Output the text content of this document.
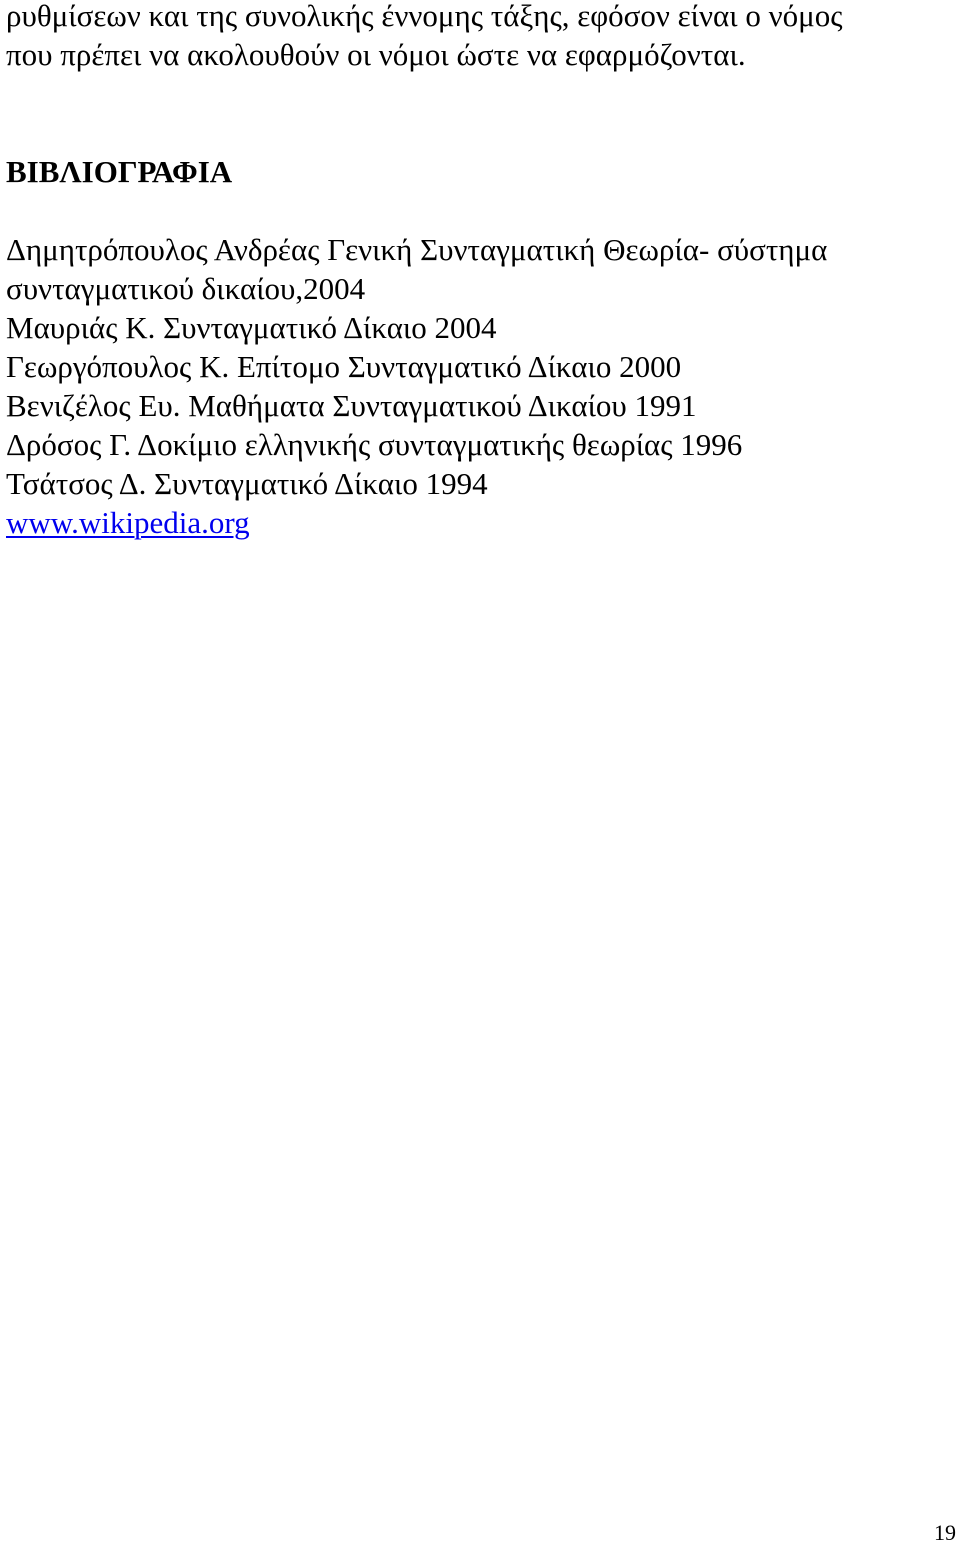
ρυθμίσεων και της συνολικής έννομης τάξης, εφόσον είναι ο νόμος

που πρέπει να ακολουθούν οι νόμοι ώστε να εφαρμόζονται.

ΒΙΒΛΙΟΓΡΑΦΙΑ

Δημητρόπουλος Ανδρέας Γενική Συνταγματική Θεωρία- σύστημα

συνταγματικού δικαίου,2004

Μαυριάς Κ. Συνταγματικό Δίκαιο 2004

Γεωργόπουλος Κ. Επίτομο Συνταγματικό Δίκαιο 2000

Βενιζέλος Ευ. Μαθήματα Συνταγματικού Δικαίου 1991

Δρόσος Γ. Δοκίμιο ελληνικής συνταγματικής θεωρίας 1996

Τσάτσος Δ. Συνταγματικό Δίκαιο 1994

www.wikipedia.org

19
